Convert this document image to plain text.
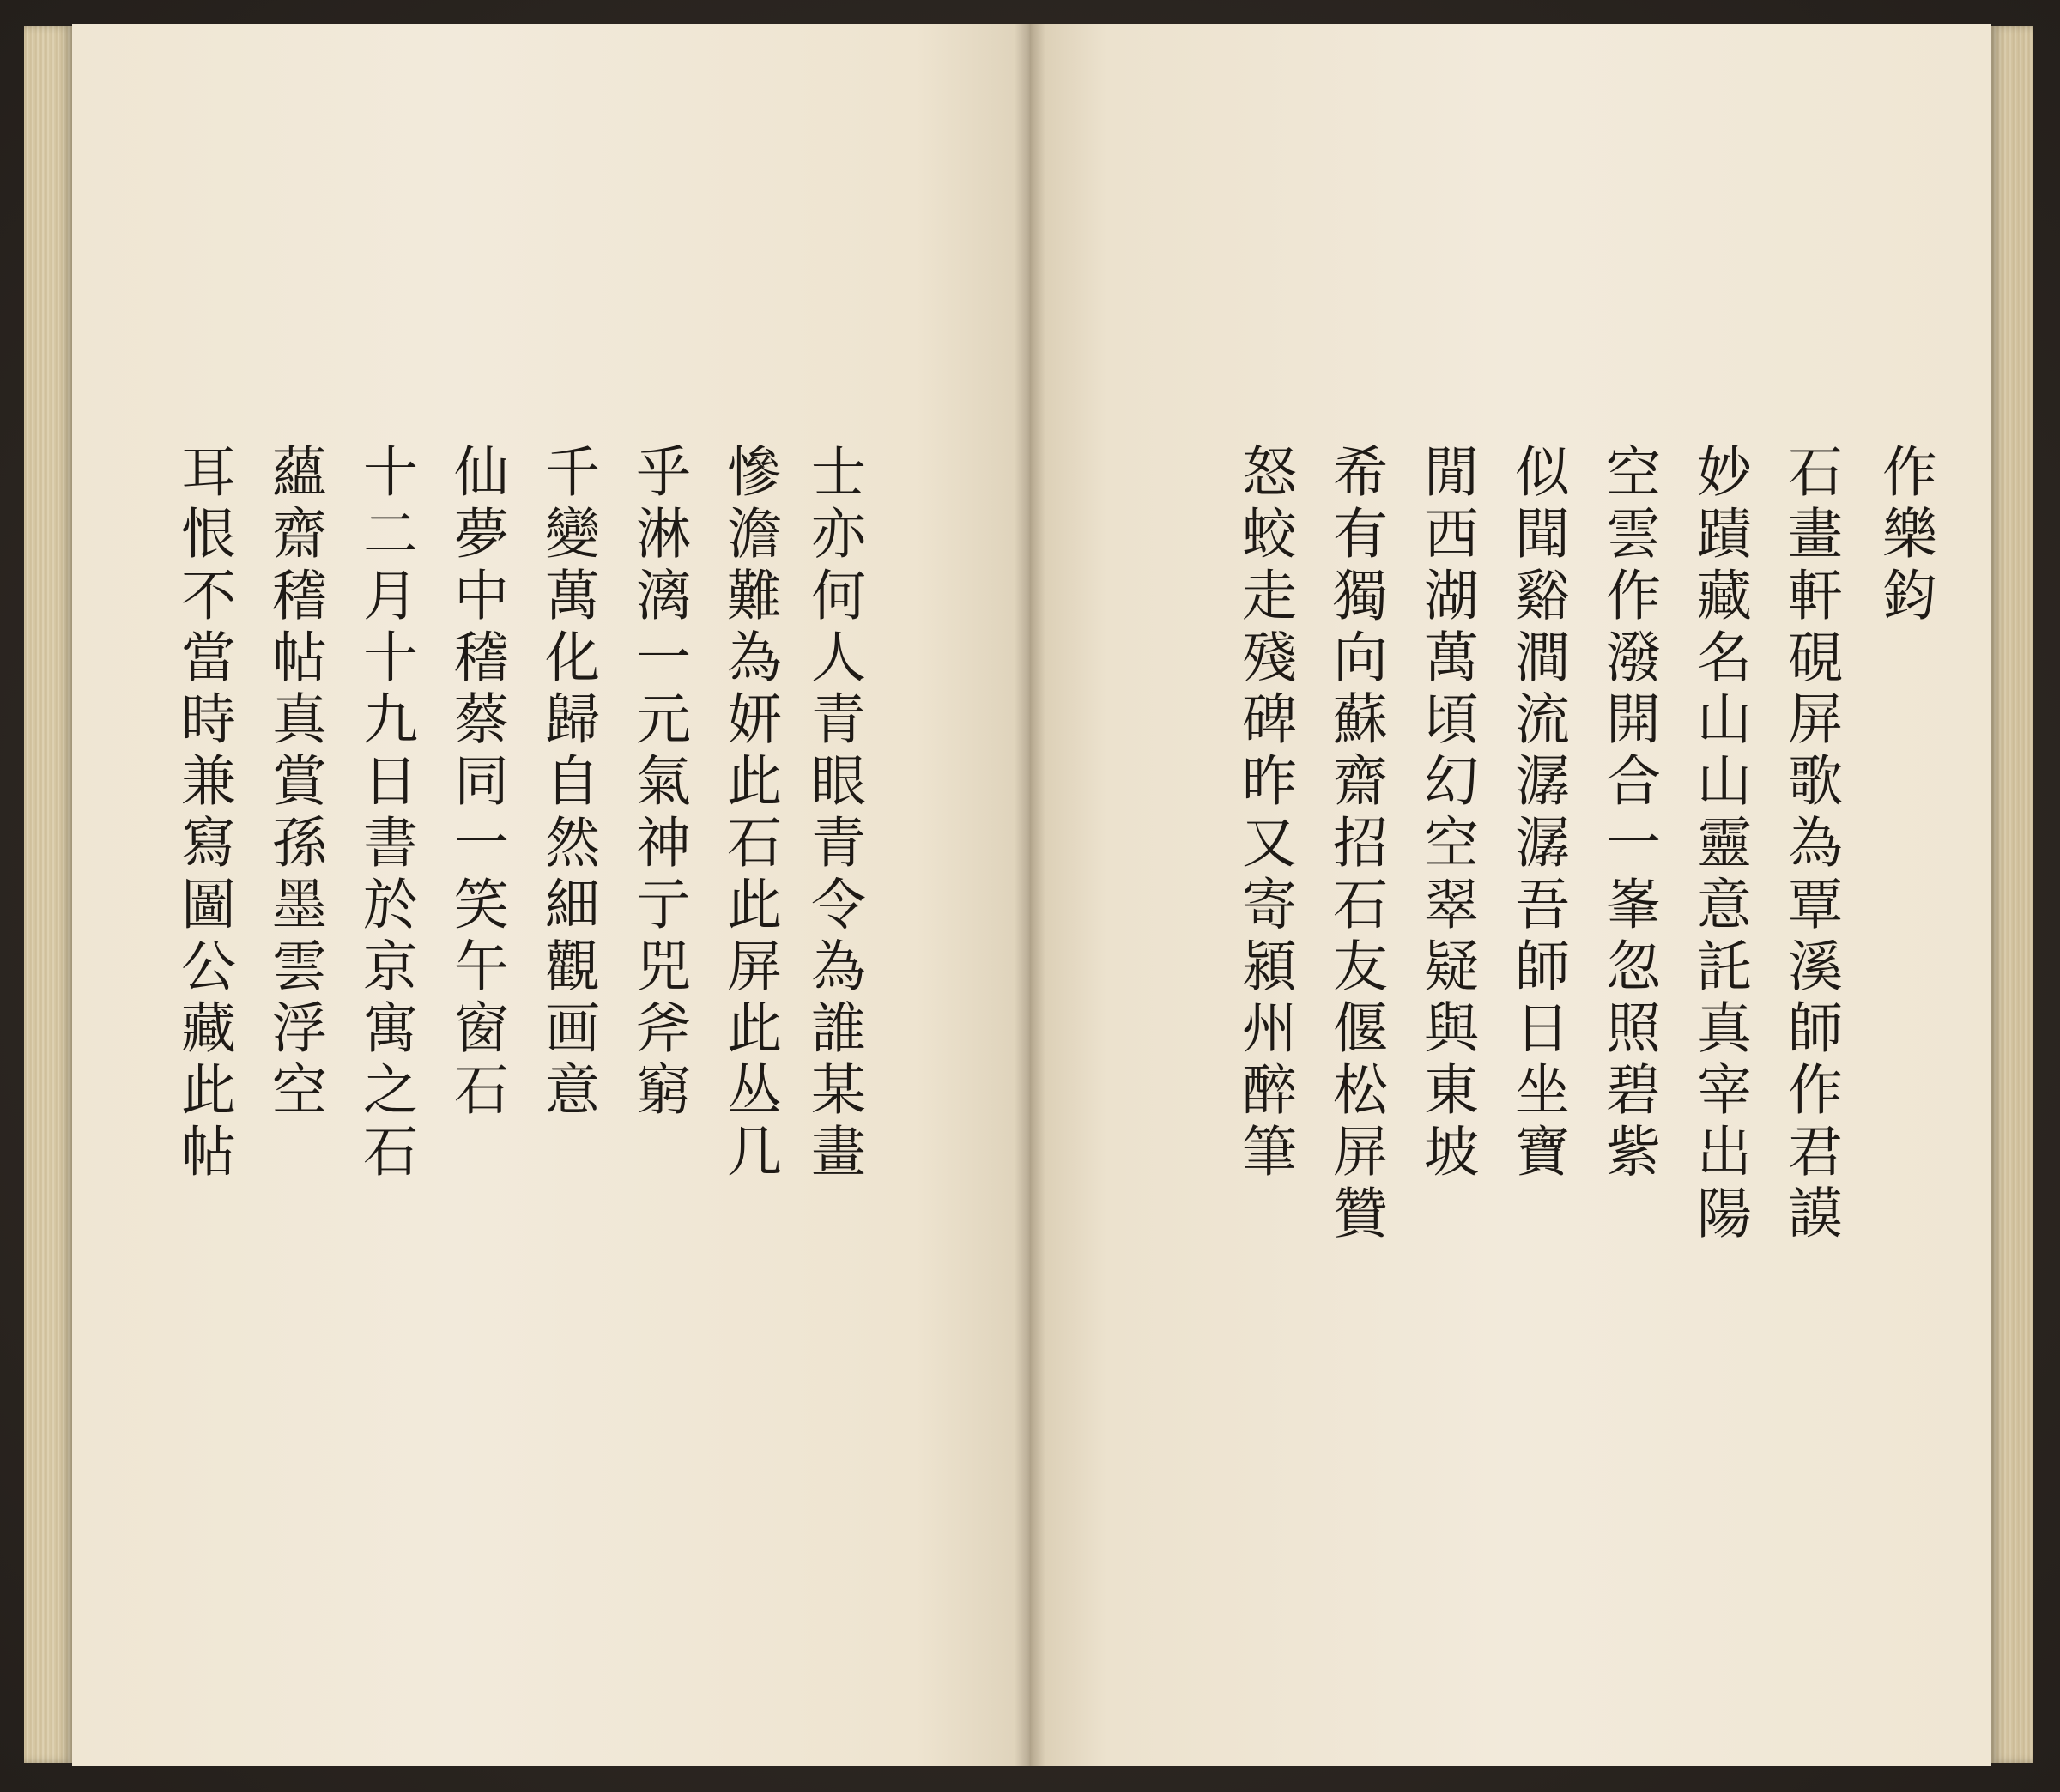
士亦何人青眼青令為誰某畫

慘澹難為妍此石此屏此丛几

乎淋漓一元氣神亍兕斧窮

千變萬化歸自然細觀画意

仙夢中𥡴蔡同一笑午窗石

十二月十九日書於京寓之石

蘊齋𥡴帖真賞孫墨雲浮空

耳恨不當時兼寫圖公藏此帖	作樂鈞

石畫軒硯屏歌為覃溪師作君謨

妙蹟藏名山山靈意託真宰出陽

空雲作潑開合一峯忽照碧紫

似聞谿澗流潺潺吾師日坐寶

閒西湖萬頃幻空翠疑與東坡

希有獨向蘇齋招石友偃松屏贊

怒蛟走殘碑昨又寄潁州醉筆
